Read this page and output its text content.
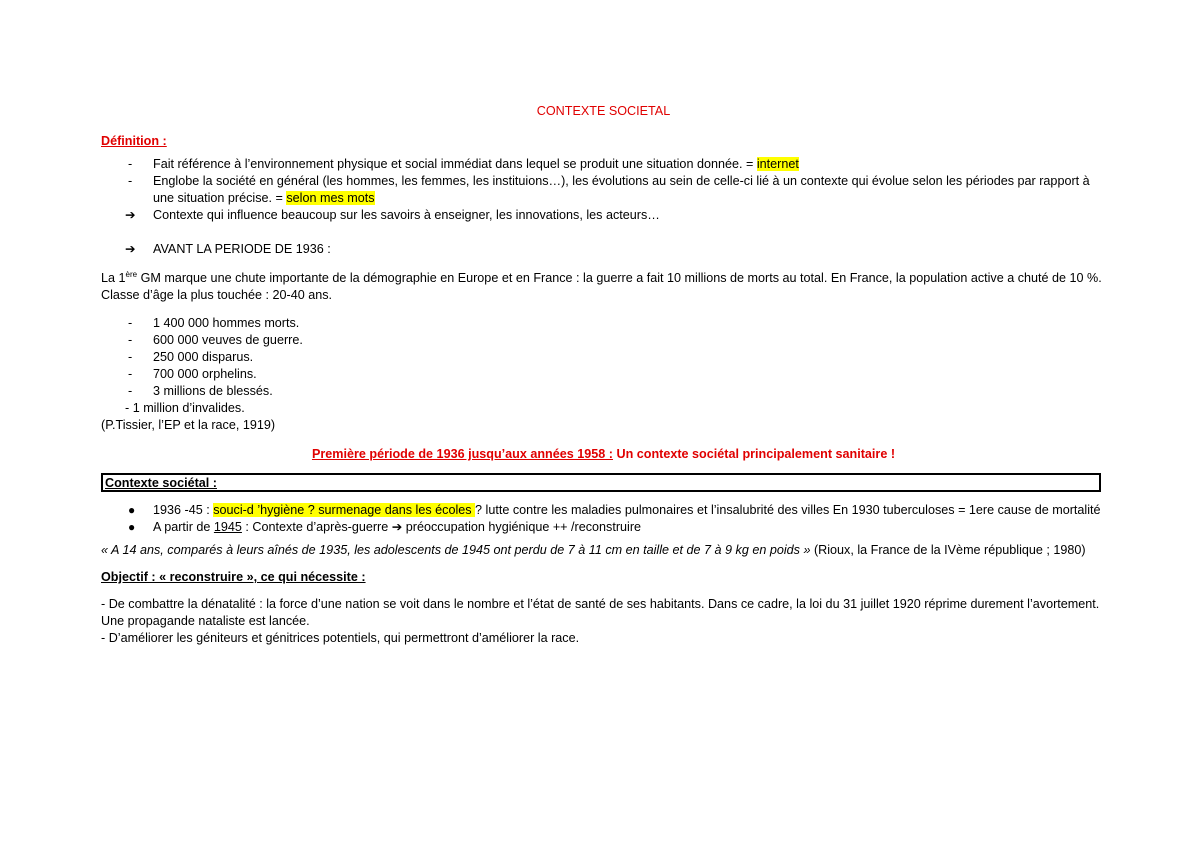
CONTEXTE SOCIETAL
Définition :
- Fait référence à l’environnement physique et social immédiat dans lequel se produit une situation donnée. = internet
- Englobe la société en général (les hommes, les femmes, les instituions…), les évolutions au sein de celle-ci lié à un contexte qui évolue selon les périodes par rapport à une situation précise. = selon mes mots
➔ Contexte qui influence beaucoup sur les savoirs à enseigner, les innovations, les acteurs…
➔ AVANT LA PERIODE DE 1936 :
La 1ère GM marque une chute importante de la démographie en Europe et en France : la guerre a fait 10 millions de morts au total. En France, la population active a chuté de 10 %. Classe d’âge la plus touchée : 20-40 ans.
- 1 400 000 hommes morts.
- 600 000 veuves de guerre.
- 250 000 disparus.
- 700 000 orphelins.
- 3 millions de blessés.
- 1 million d’invalides.
(P.Tissier, l’EP et la race, 1919)
Première période de 1936 jusqu’aux années 1958 : Un contexte sociétal principalement sanitaire !
Contexte sociétal :
● 1936 -45 : souci-d ’hygiène ? surmenage dans les écoles ? lutte contre les maladies pulmonaires et l’insalubrité des villes En 1930 tuberculoses = 1ere cause de mortalité
● A partir de 1945 : Contexte d’après-guerre ➔ préoccupation hygiénique ++ /reconstruire
« A 14 ans, comparés à leurs aînés de 1935, les adolescents de 1945 ont perdu de 7 à 11 cm en taille et de 7 à 9 kg en poids » (Rioux, la France de la IVème république ; 1980)
Objectif : « reconstruire », ce qui nécessite :
- De combattre la dénatalité : la force d’une nation se voit dans le nombre et l’état de santé de ses habitants. Dans ce cadre, la loi du 31 juillet 1920 réprime durement l’avortement. Une propagande nataliste est lancée.
- D’améliorer les géniteurs et génitrices potentiels, qui permettront d’améliorer la race.
